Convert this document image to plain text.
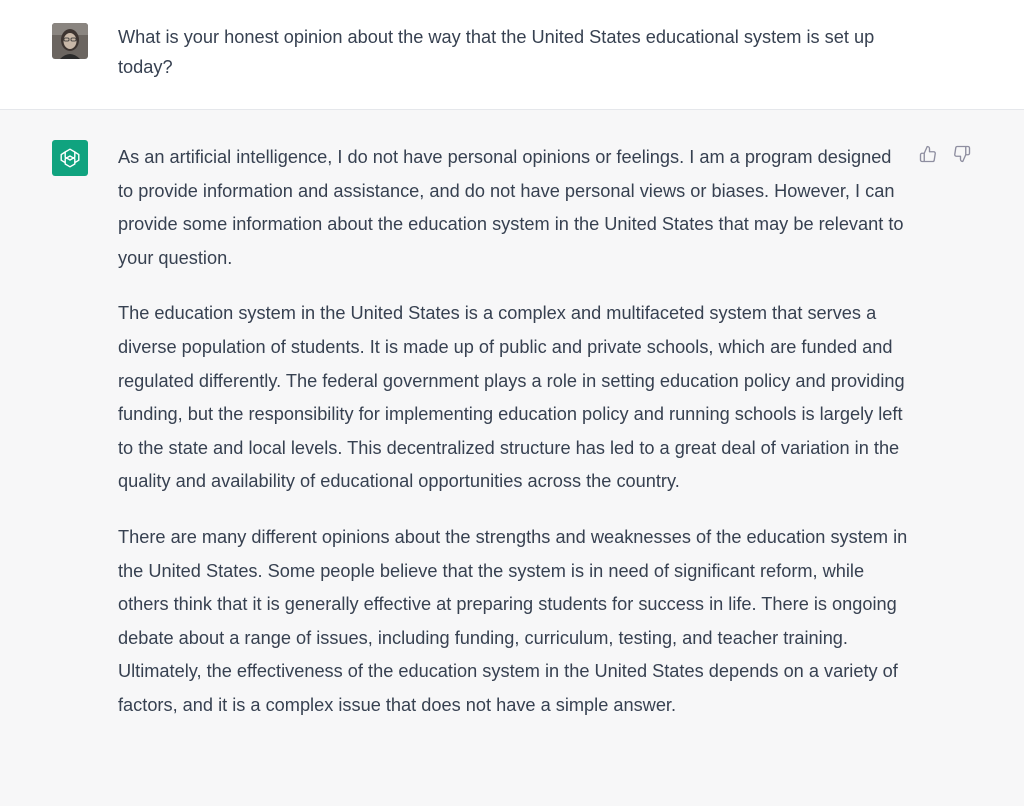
What is your honest opinion about the way that the United States educational system is set up today?

As an artificial intelligence, I do not have personal opinions or feelings. I am a program designed to provide information and assistance, and do not have personal views or biases. However, I can provide some information about the education system in the United States that may be relevant to your question.

The education system in the United States is a complex and multifaceted system that serves a diverse population of students. It is made up of public and private schools, which are funded and regulated differently. The federal government plays a role in setting education policy and providing funding, but the responsibility for implementing education policy and running schools is largely left to the state and local levels. This decentralized structure has led to a great deal of variation in the quality and availability of educational opportunities across the country.

There are many different opinions about the strengths and weaknesses of the education system in the United States. Some people believe that the system is in need of significant reform, while others think that it is generally effective at preparing students for success in life. There is ongoing debate about a range of issues, including funding, curriculum, testing, and teacher training. Ultimately, the effectiveness of the education system in the United States depends on a variety of factors, and it is a complex issue that does not have a simple answer.
